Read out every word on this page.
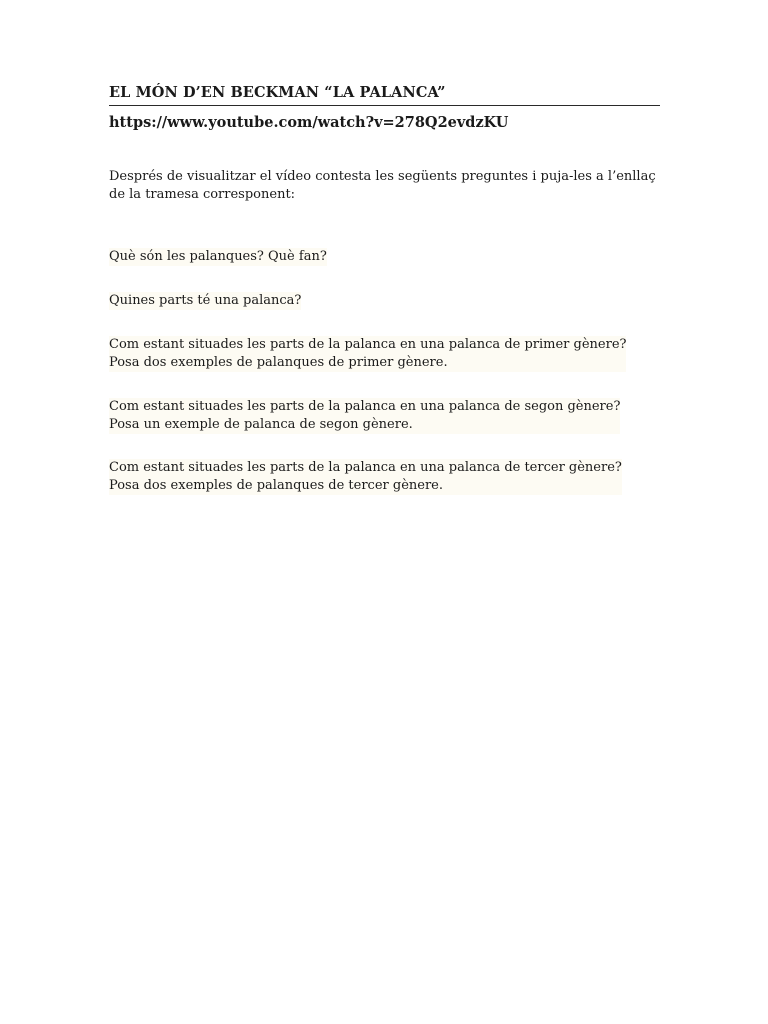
EL MÓN D’EN BECKMAN “LA PALANCA”
https://www.youtube.com/watch?v=278Q2evdzKU
Després de visualitzar el vídeo contesta les següents preguntes i puja-les a l’enllaç
de la tramesa corresponent:
Què són les palanques? Què fan?
Quines parts té una palanca?
Com estant situades les parts de la palanca en una palanca de primer gènere?
Posa dos exemples de palanques de primer gènere.
Com estant situades les parts de la palanca en una palanca de segon gènere?
Posa un exemple de palanca de segon gènere.
Com estant situades les parts de la palanca en una palanca de tercer gènere?
Posa dos exemples de palanques de tercer gènere.
